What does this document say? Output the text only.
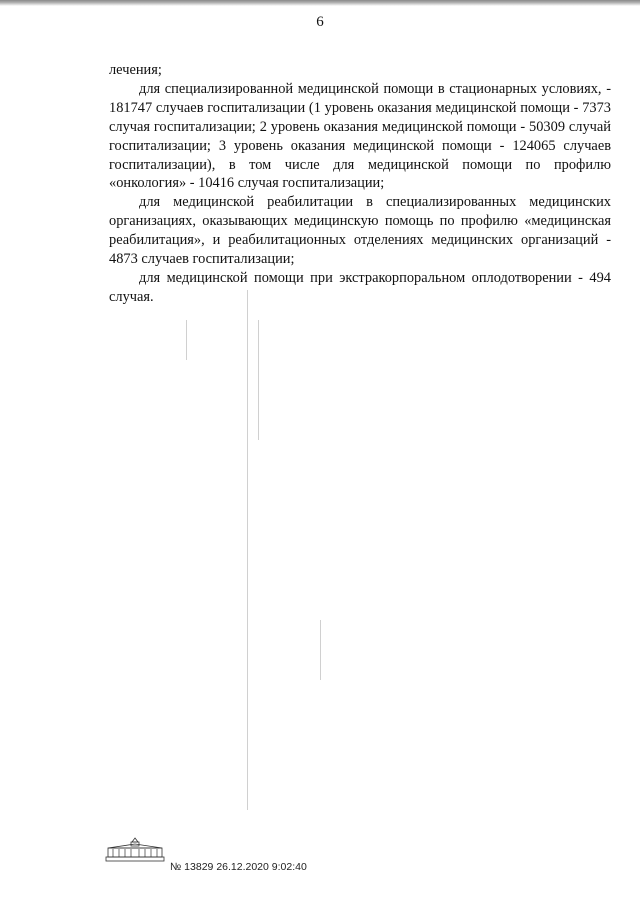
6

лечения;

для специализированной медицинской помощи в стационарных условиях, - 181747 случаев госпитализации (1 уровень оказания медицинской помощи - 7373 случая госпитализации; 2 уровень оказания медицинской помощи - 50309 случай госпитализации; 3 уровень оказания медицинской помощи - 124065 случаев госпитализации), в том числе для медицинской помощи по профилю «онкология» - 10416 случая госпитализации;

для медицинской реабилитации в специализированных медицинских организациях, оказывающих медицинскую помощь по профилю «медицинская реабилитация», и реабилитационных отделениях медицинских организаций - 4873 случаев госпитализации;

для медицинской помощи при экстракорпоральном оплодотворении - 494 случая.

№ 13829 26.12.2020 9:02:40
